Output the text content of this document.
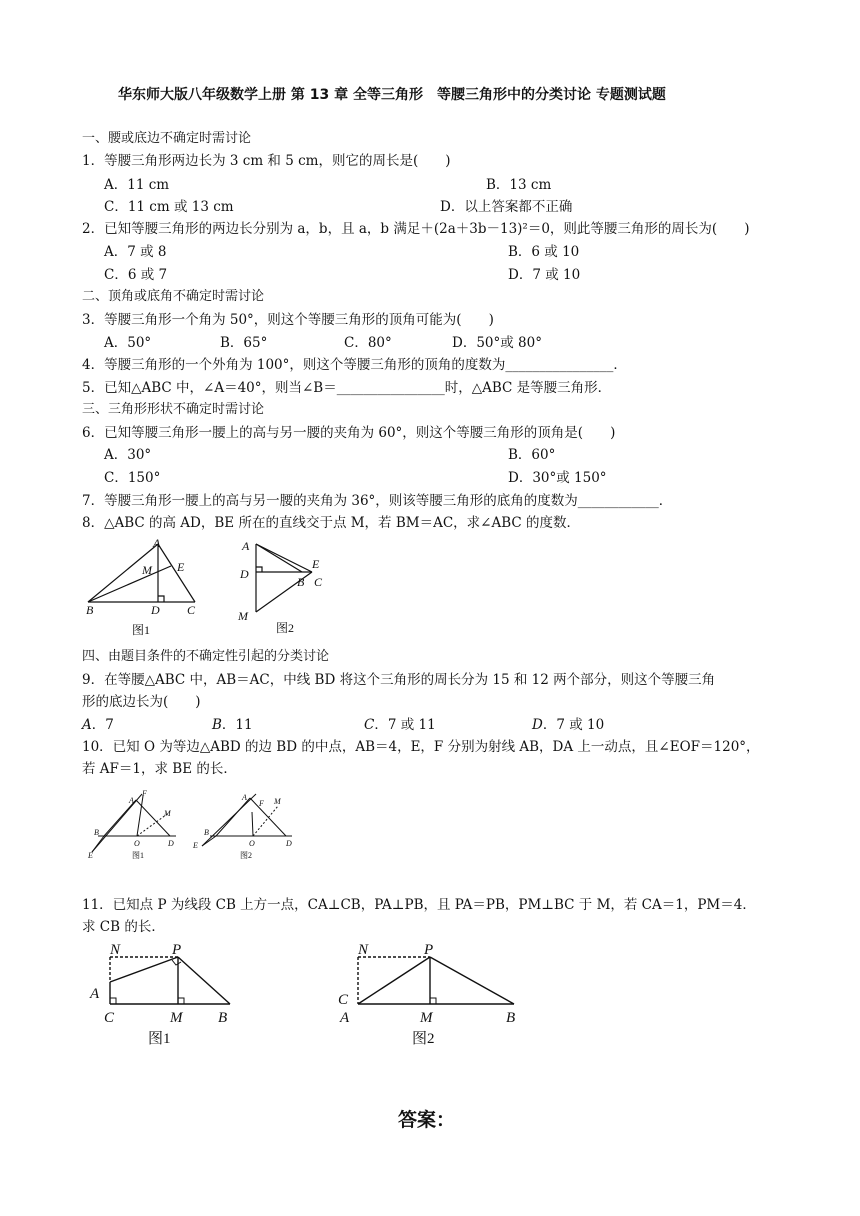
华东师大版八年级数学上册 第 13 章 全等三角形　等腰三角形中的分类讨论 专题测试题
一、腰或底边不确定时需讨论
1．等腰三角形两边长为 3 cm 和 5 cm，则它的周长是(　　)
A．11 cm	B．13 cm
C．11 cm 或 13 cm	D．以上答案都不正确
2．已知等腰三角形的两边长分别为 a，b，且 a，b 满足＋(2a＋3b－13)²＝0，则此等腰三角形的周长为(　　)
A．7 或 8	B．6 或 10
C．6 或 7	D．7 或 10
二、顶角或底角不确定时需讨论
3．等腰三角形一个角为 50°，则这个等腰三角形的顶角可能为(　　)
A．50°	B．65°	C．80°	D．50°或 80°
4．等腰三角形的一个外角为 100°，则这个等腰三角形的顶角的度数为________________．
5．已知△ABC 中，∠A＝40°，则当∠B＝________________时，△ABC 是等腰三角形．
三、三角形形状不确定时需讨论
6．已知等腰三角形一腰上的高与另一腰的夹角为 60°，则这个等腰三角形的顶角是(　　)
A．30°	B．60°
C．150°	D．30°或 150°
7．等腰三角形一腰上的高与另一腰的夹角为 36°，则该等腰三角形的底角的度数为____________．
8．△ABC 的高 AD，BE 所在的直线交于点 M，若 BM＝AC，求∠ABC 的度数．
A
M E
B	D C
图1
A
D
E
B C
M
图2
四、由题目条件的不确定性引起的分类讨论
9．在等腰△ABC 中，AB＝AC，中线 BD 将这个三角形的周长分为 15 和 12 两个部分，则这个等腰三角
形的底边长为(　　)
A．7	B．11	C．7 或 11	D．7 或 10
10．已知 O 为等边△ABD 的边 BD 的中点，AB＝4，E，F 分别为射线 AB，DA 上一动点，且∠EOF＝120°，
若 AF＝1，求 BE 的长．
A
F
M
B
O	D
E	图1
A
F M
B
O	D
E
图2
11．已知点 P 为线段 CB 上方一点，CA⊥CB，PA⊥PB，且 PA＝PB，PM⊥BC 于 M，若 CA＝1，PM＝4．
求 CB 的长．
N	P
A
C	M B
图1
N	P
C
A	M	B
图2
答案：
